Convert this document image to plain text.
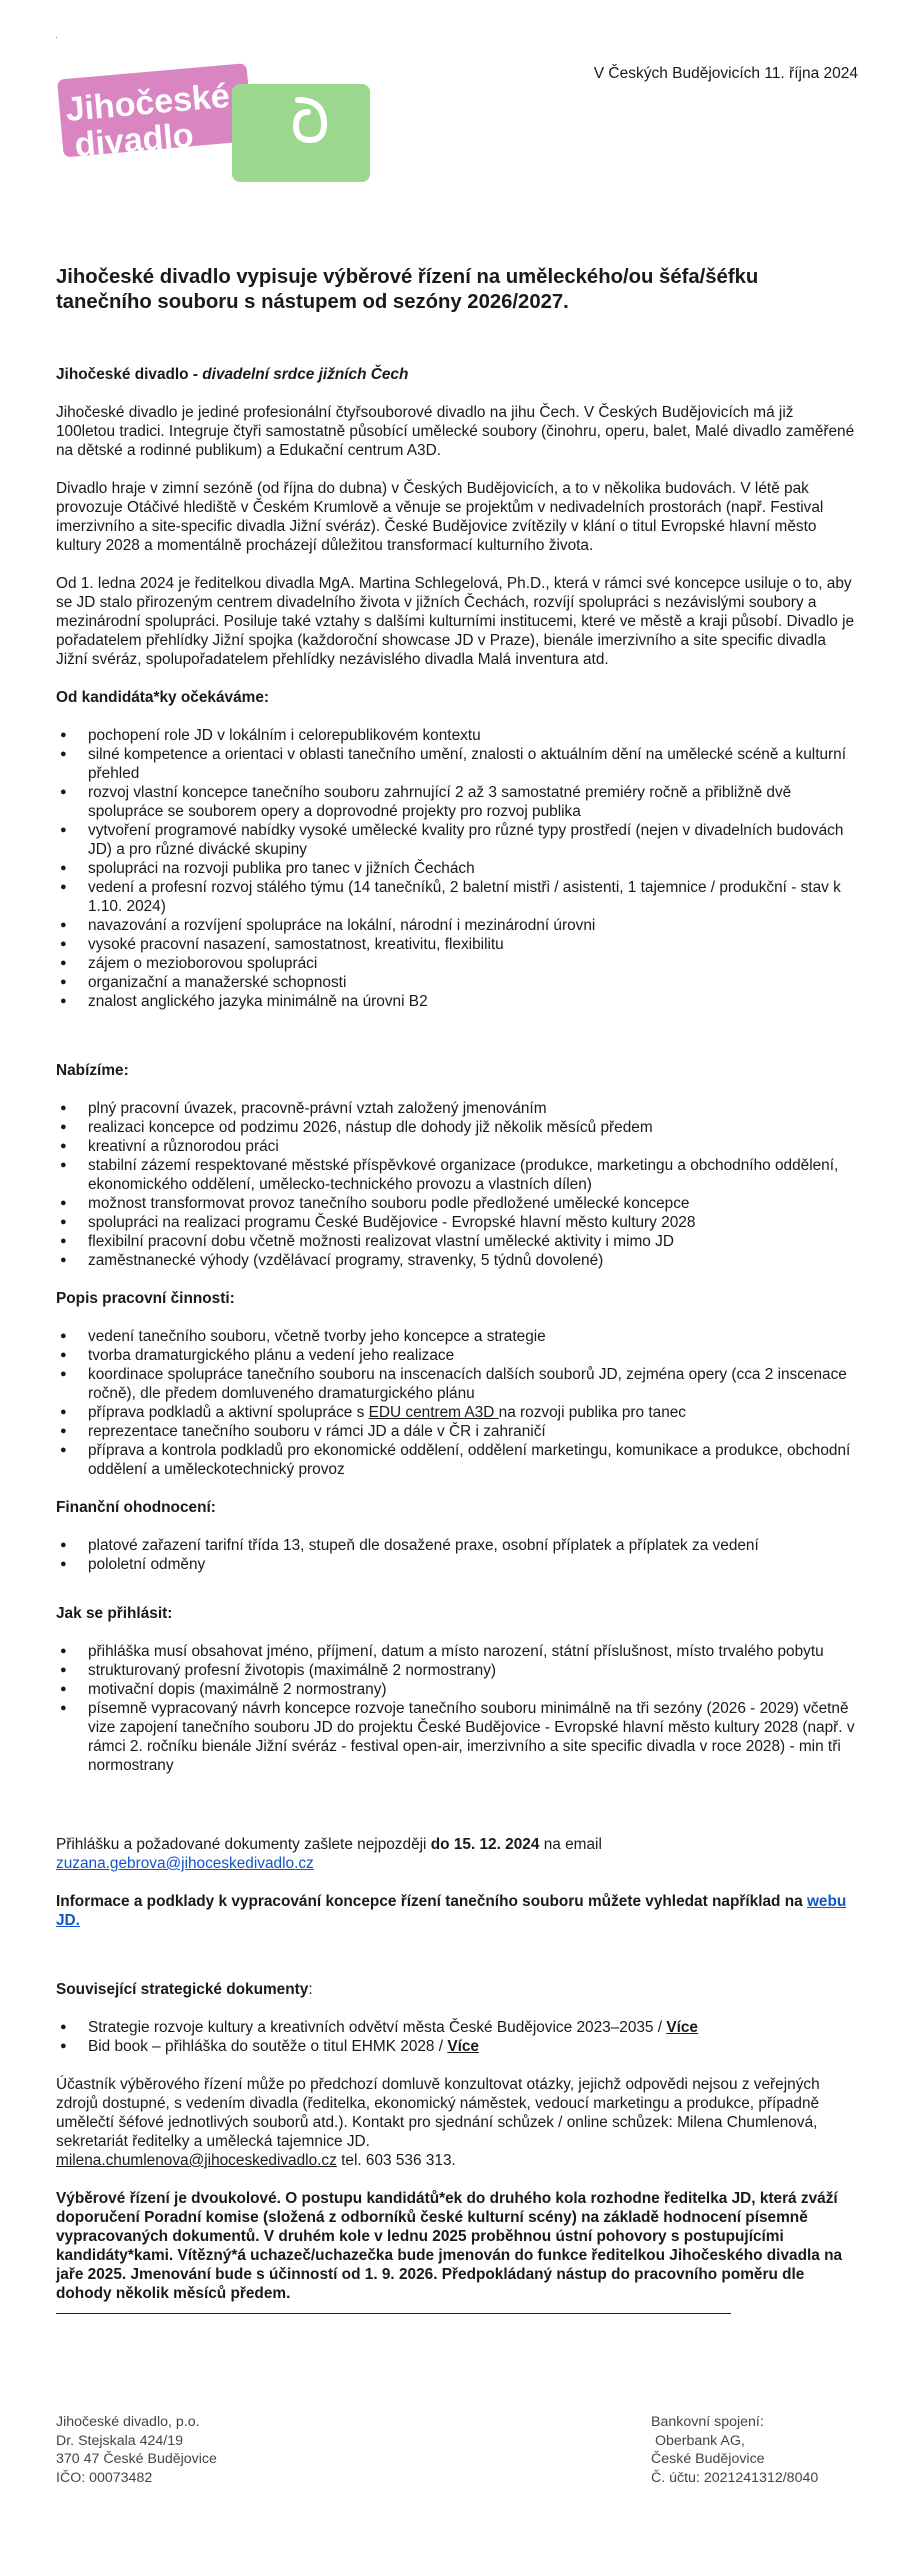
.
Jihočeské
divadlo
V Českých Budějovicích 11. října 2024

Jihočeské divadlo vypisuje výběrové řízení na uměleckého/ou šéfa/šéfku tanečního souboru s nástupem od sezóny 2026/2027.

Jihočeské divadlo - divadelní srdce jižních Čech

Jihočeské divadlo je jediné profesionální čtyřsouborové divadlo na jihu Čech. V Českých Budějovicích má již 100letou tradici. Integruje čtyři samostatně působící umělecké soubory (činohru, operu, balet, Malé divadlo zaměřené na dětské a rodinné publikum) a Edukační centrum A3D.

Divadlo hraje v zimní sezóně (od října do dubna) v Českých Budějovicích, a to v několika budovách. V létě pak provozuje Otáčivé hlediště v Českém Krumlově a věnuje se projektům v nedivadelních prostorách (např. Festival imerzivního a site-specific divadla Jižní svéráz). České Budějovice zvítězily v klání o titul Evropské hlavní město kultury 2028 a momentálně procházejí důležitou transformací kulturního života.

Od 1. ledna 2024 je ředitelkou divadla MgA. Martina Schlegelová, Ph.D., která v rámci své koncepce usiluje o to, aby se JD stalo přirozeným centrem divadelního života v jižních Čechách, rozvíjí spolupráci s nezávislými soubory a mezinárodní spolupráci. Posiluje také vztahy s dalšími kulturními institucemi, které ve městě a kraji působí. Divadlo je pořadatelem přehlídky Jižní spojka (každoroční showcase JD v Praze), bienále imerzivního a site specific divadla Jižní svéráz, spolupořadatelem přehlídky nezávislého divadla Malá inventura atd.

Od kandidáta*ky očekáváme:

● pochopení role JD v lokálním i celorepublikovém kontextu
● silné kompetence a orientaci v oblasti tanečního umění, znalosti o aktuálním dění na umělecké scéně a kulturní přehled
● rozvoj vlastní koncepce tanečního souboru zahrnující 2 až 3 samostatné premiéry ročně a přibližně dvě spolupráce se souborem opery a doprovodné projekty pro rozvoj publika
● vytvoření programové nabídky vysoké umělecké kvality pro různé typy prostředí (nejen v divadelních budovách JD) a pro různé divácké skupiny
● spolupráci na rozvoji publika pro tanec v jižních Čechách
● vedení a profesní rozvoj stálého týmu (14 tanečníků, 2 baletní mistři / asistenti, 1 tajemnice / produkční - stav k 1.10. 2024)
● navazování a rozvíjení spolupráce na lokální, národní i mezinárodní úrovni
● vysoké pracovní nasazení, samostatnost, kreativitu, flexibilitu
● zájem o mezioborovou spolupráci
● organizační a manažerské schopnosti
● znalost anglického jazyka minimálně na úrovni B2

Nabízíme:

● plný pracovní úvazek, pracovně-právní vztah založený jmenováním
● realizaci koncepce od podzimu 2026, nástup dle dohody již několik měsíců předem
● kreativní a různorodou práci
● stabilní zázemí respektované městské příspěvkové organizace (produkce, marketingu a obchodního oddělení, ekonomického oddělení, umělecko-technického provozu a vlastních dílen)
● možnost transformovat provoz tanečního souboru podle předložené umělecké koncepce
● spolupráci na realizaci programu České Budějovice - Evropské hlavní město kultury 2028
● flexibilní pracovní dobu včetně možnosti realizovat vlastní umělecké aktivity i mimo JD
● zaměstnanecké výhody (vzdělávací programy, stravenky, 5 týdnů dovolené)

Popis pracovní činnosti:

● vedení tanečního souboru, včetně tvorby jeho koncepce a strategie
● tvorba dramaturgického plánu a vedení jeho realizace
● koordinace spolupráce tanečního souboru na inscenacích dalších souborů JD, zejména opery (cca 2 inscenace ročně), dle předem domluveného dramaturgického plánu
● příprava podkladů a aktivní spolupráce s EDU centrem A3D na rozvoji publika pro tanec
● reprezentace tanečního souboru v rámci JD a dále v ČR i zahraničí
● příprava a kontrola podkladů pro ekonomické oddělení, oddělení marketingu, komunikace a produkce, obchodní oddělení a uměleckotechnický provoz

Finanční ohodnocení:

● platové zařazení tarifní třída 13, stupeň dle dosažené praxe, osobní příplatek a příplatek za vedení
● pololetní odměny

Jak se přihlásit:

● přihláška musí obsahovat jméno, příjmení, datum a místo narození, státní příslušnost, místo trvalého pobytu
● strukturovaný profesní životopis (maximálně 2 normostrany)
● motivační dopis (maximálně 2 normostrany)
● písemně vypracovaný návrh koncepce rozvoje tanečního souboru minimálně na tři sezóny (2026 - 2029) včetně vize zapojení tanečního souboru JD do projektu České Budějovice - Evropské hlavní město kultury 2028 (např. v rámci 2. ročníku bienále Jižní svéráz - festival open-air, imerzivního a site specific divadla v roce 2028) - min tři normostrany

Přihlášku a požadované dokumenty zašlete nejpozději do 15. 12. 2024 na email
zuzana.gebrova@jihoceskedivadlo.cz

Informace a podklady k vypracování koncepce řízení tanečního souboru můžete vyhledat například na webu JD.

Související strategické dokumenty:

● Strategie rozvoje kultury a kreativních odvětví města České Budějovice 2023–2035 / Více
● Bid book – přihláška do soutěže o titul EHMK 2028 / Více

Účastník výběrového řízení může po předchozí domluvě konzultovat otázky, jejichž odpovědi nejsou z veřejných zdrojů dostupné, s vedením divadla (ředitelka, ekonomický náměstek, vedoucí marketingu a produkce, případně umělečtí šéfové jednotlivých souborů atd.). Kontakt pro sjednání schůzek / online schůzek: Milena Chumlenová, sekretariát ředitelky a umělecká tajemnice JD.
milena.chumlenova@jihoceskedivadlo.cz tel. 603 536 313.

Výběrové řízení je dvoukolové. O postupu kandidátů*ek do druhého kola rozhodne ředitelka JD, která zváží doporučení Poradní komise (složená z odborníků české kulturní scény) na základě hodnocení písemně vypracovaných dokumentů. V druhém kole v lednu 2025 proběhnou ústní pohovory s postupujícími kandidáty*kami. Vítězný*á uchazeč/uchazečka bude jmenován do funkce ředitelkou Jihočeského divadla na jaře 2025. Jmenování bude s účinností od 1. 9. 2026. Předpokládaný nástup do pracovního poměru dle dohody několik měsíců předem.

Jihočeské divadlo, p.o.
Dr. Stejskala 424/19
370 47 České Budějovice
IČO: 00073482
Bankovní spojení:
Oberbank AG,
České Budějovice
Č. účtu: 2021241312/8040
